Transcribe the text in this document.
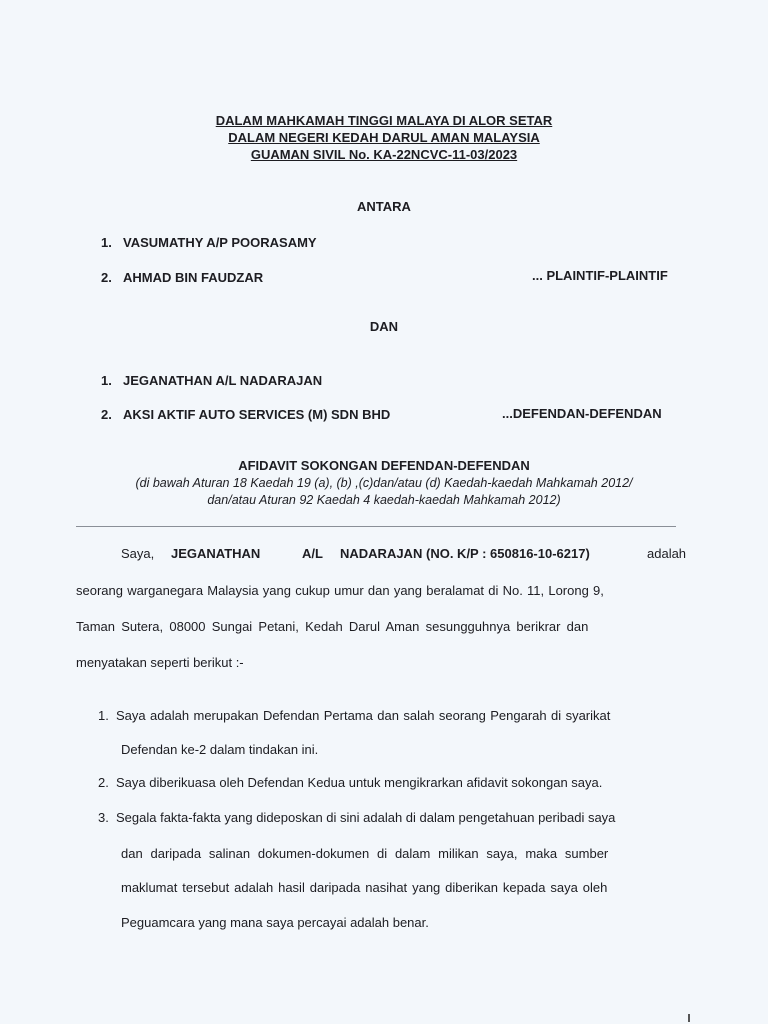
DALAM MAHKAMAH TINGGI MALAYA DI ALOR SETAR
DALAM NEGERI KEDAH DARUL AMAN MALAYSIA
GUAMAN SIVIL No. KA-22NCVC-11-03/2023
ANTARA
1. VASUMATHY A/P POORASAMY
2. AHMAD BIN FAUDZAR	... PLAINTIF-PLAINTIF
DAN
1. JEGANATHAN A/L NADARAJAN
2. AKSI AKTIF AUTO SERVICES (M) SDN BHD	...DEFENDAN-DEFENDAN
AFIDAVIT SOKONGAN DEFENDAN-DEFENDAN
(di bawah Aturan 18 Kaedah 19 (a), (b) ,(c)dan/atau (d) Kaedah-kaedah Mahkamah 2012/
dan/atau Aturan 92 Kaedah 4 kaedah-kaedah Mahkamah 2012)
Saya, JEGANATHAN	A/L NADARAJAN (NO. K/P : 650816-10-6217)	adalah
seorang warganegara Malaysia yang cukup umur dan yang beralamat di No. 11, Lorong 9,
Taman Sutera, 08000 Sungai Petani, Kedah Darul Aman sesungguhnya berikrar dan
menyatakan seperti berikut :-
1. Saya adalah merupakan Defendan Pertama dan salah seorang Pengarah di syarikat
Defendan ke-2 dalam tindakan ini.
2. Saya diberikuasa oleh Defendan Kedua untuk mengikrarkan afidavit sokongan saya.
3. Segala fakta-fakta yang dideposkan di sini adalah di dalam pengetahuan peribadi saya
dan daripada salinan dokumen-dokumen di dalam milikan saya, maka sumber
maklumat tersebut adalah hasil daripada nasihat yang diberikan kepada saya oleh
Peguamcara yang mana saya percayai adalah benar.
